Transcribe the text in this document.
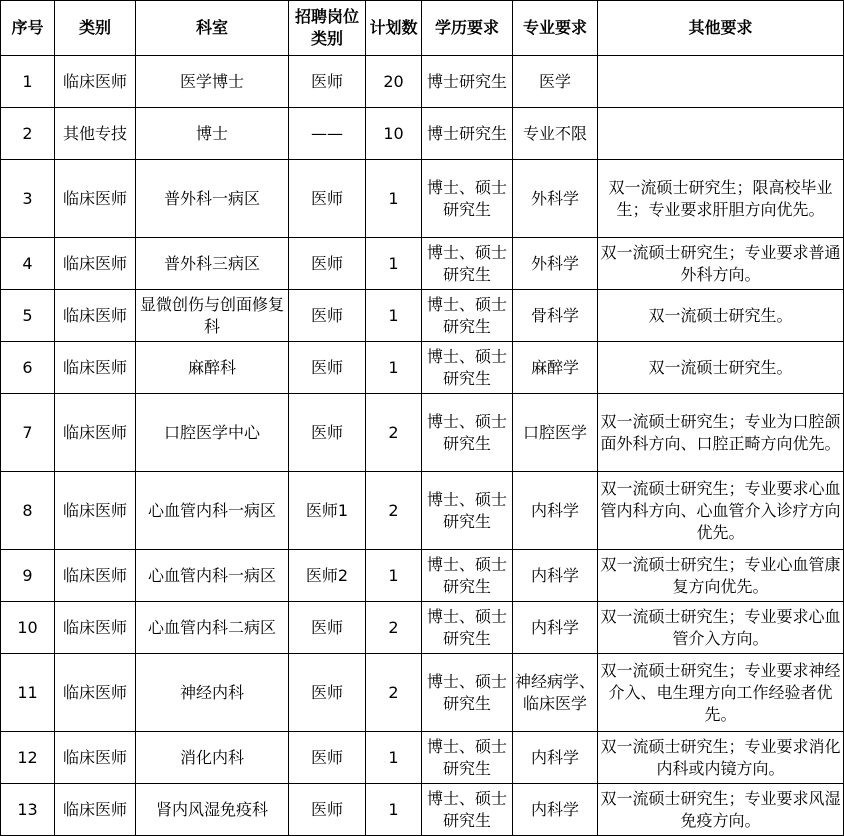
序号	类别	科室	招聘岗位类别	计划数	学历要求	专业要求	其他要求
1	临床医师	医学博士	医师	20	博士研究生	医学	
2	其他专技	博士	——	10	博士研究生	专业不限	
3	临床医师	普外科一病区	医师	1	博士、硕士研究生	外科学	双一流硕士研究生；限高校毕业生；专业要求肝胆方向优先。
4	临床医师	普外科三病区	医师	1	博士、硕士研究生	外科学	双一流硕士研究生；专业要求普通外科方向。
5	临床医师	显微创伤与创面修复科	医师	1	博士、硕士研究生	骨科学	双一流硕士研究生。
6	临床医师	麻醉科	医师	1	博士、硕士研究生	麻醉学	双一流硕士研究生。
7	临床医师	口腔医学中心	医师	2	博士、硕士研究生	口腔医学	双一流硕士研究生；专业为口腔颌面外科方向、口腔正畸方向优先。
8	临床医师	心血管内科一病区	医师1	2	博士、硕士研究生	内科学	双一流硕士研究生；专业要求心血管内科方向、心血管介入诊疗方向优先。
9	临床医师	心血管内科一病区	医师2	1	博士、硕士研究生	内科学	双一流硕士研究生；专业心血管康复方向优先。
10	临床医师	心血管内科二病区	医师	2	博士、硕士研究生	内科学	双一流硕士研究生；专业要求心血管介入方向。
11	临床医师	神经内科	医师	2	博士、硕士研究生	神经病学、临床医学	双一流硕士研究生；专业要求神经介入、电生理方向工作经验者优先。
12	临床医师	消化内科	医师	1	博士、硕士研究生	内科学	双一流硕士研究生；专业要求消化内科或内镜方向。
13	临床医师	肾内风湿免疫科	医师	1	博士、硕士研究生	内科学	双一流硕士研究生；专业要求风湿免疫方向。
